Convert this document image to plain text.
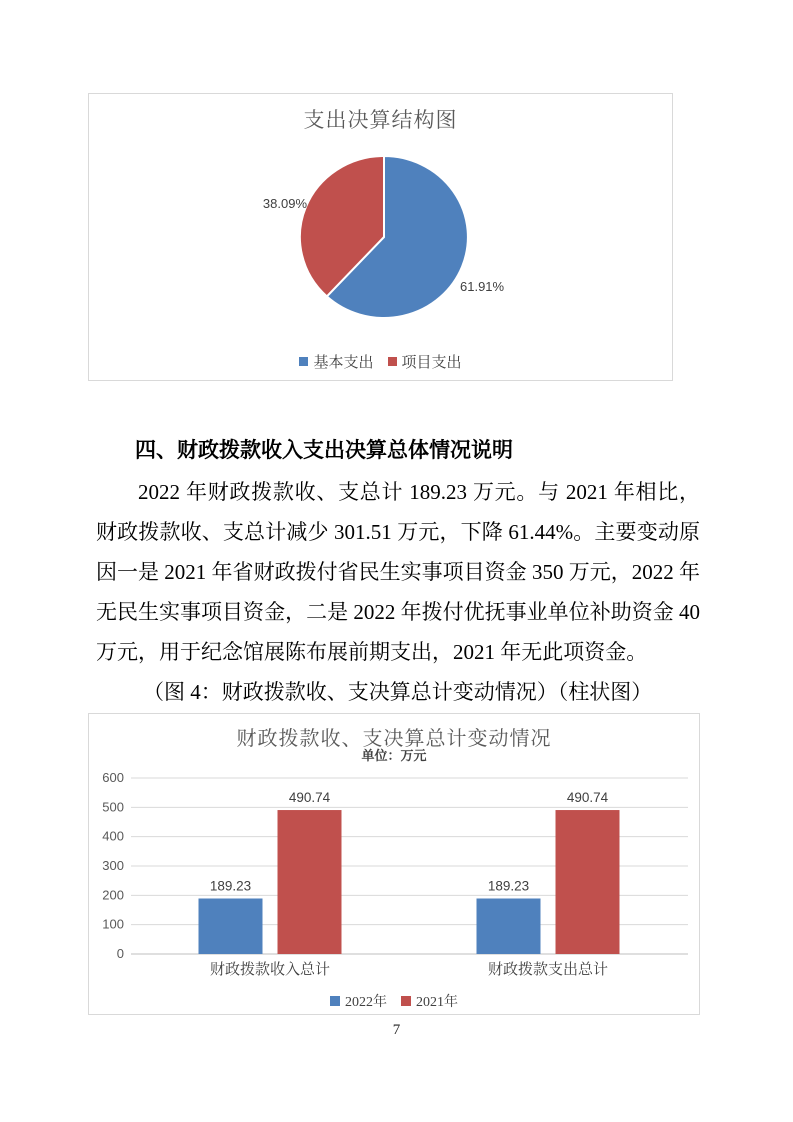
支出决算结构图
61.91%
38.09%
基本支出 项目支出
四、财政拨款收入支出决算总体情况说明
2022 年财政拨款收、支总计 189.23 万元。与 2021 年相比，
财政拨款收、支总计减少 301.51 万元，下降 61.44%。主要变动原
因一是 2021 年省财政拨付省民生实事项目资金 350 万元，2022 年
无民生实事项目资金，二是 2022 年拨付优抚事业单位补助资金 40
万元，用于纪念馆展陈布展前期支出，2021 年无此项资金。
（图 4：财政拨款收、支决算总计变动情况）（柱状图）
财政拨款收、支决算总计变动情况
单位：万元
0
100
200
300
400
500
600
189.23	189.23
490.74	490.74
财政拨款收入总计	财政拨款支出总计
2022年 2021年
7
